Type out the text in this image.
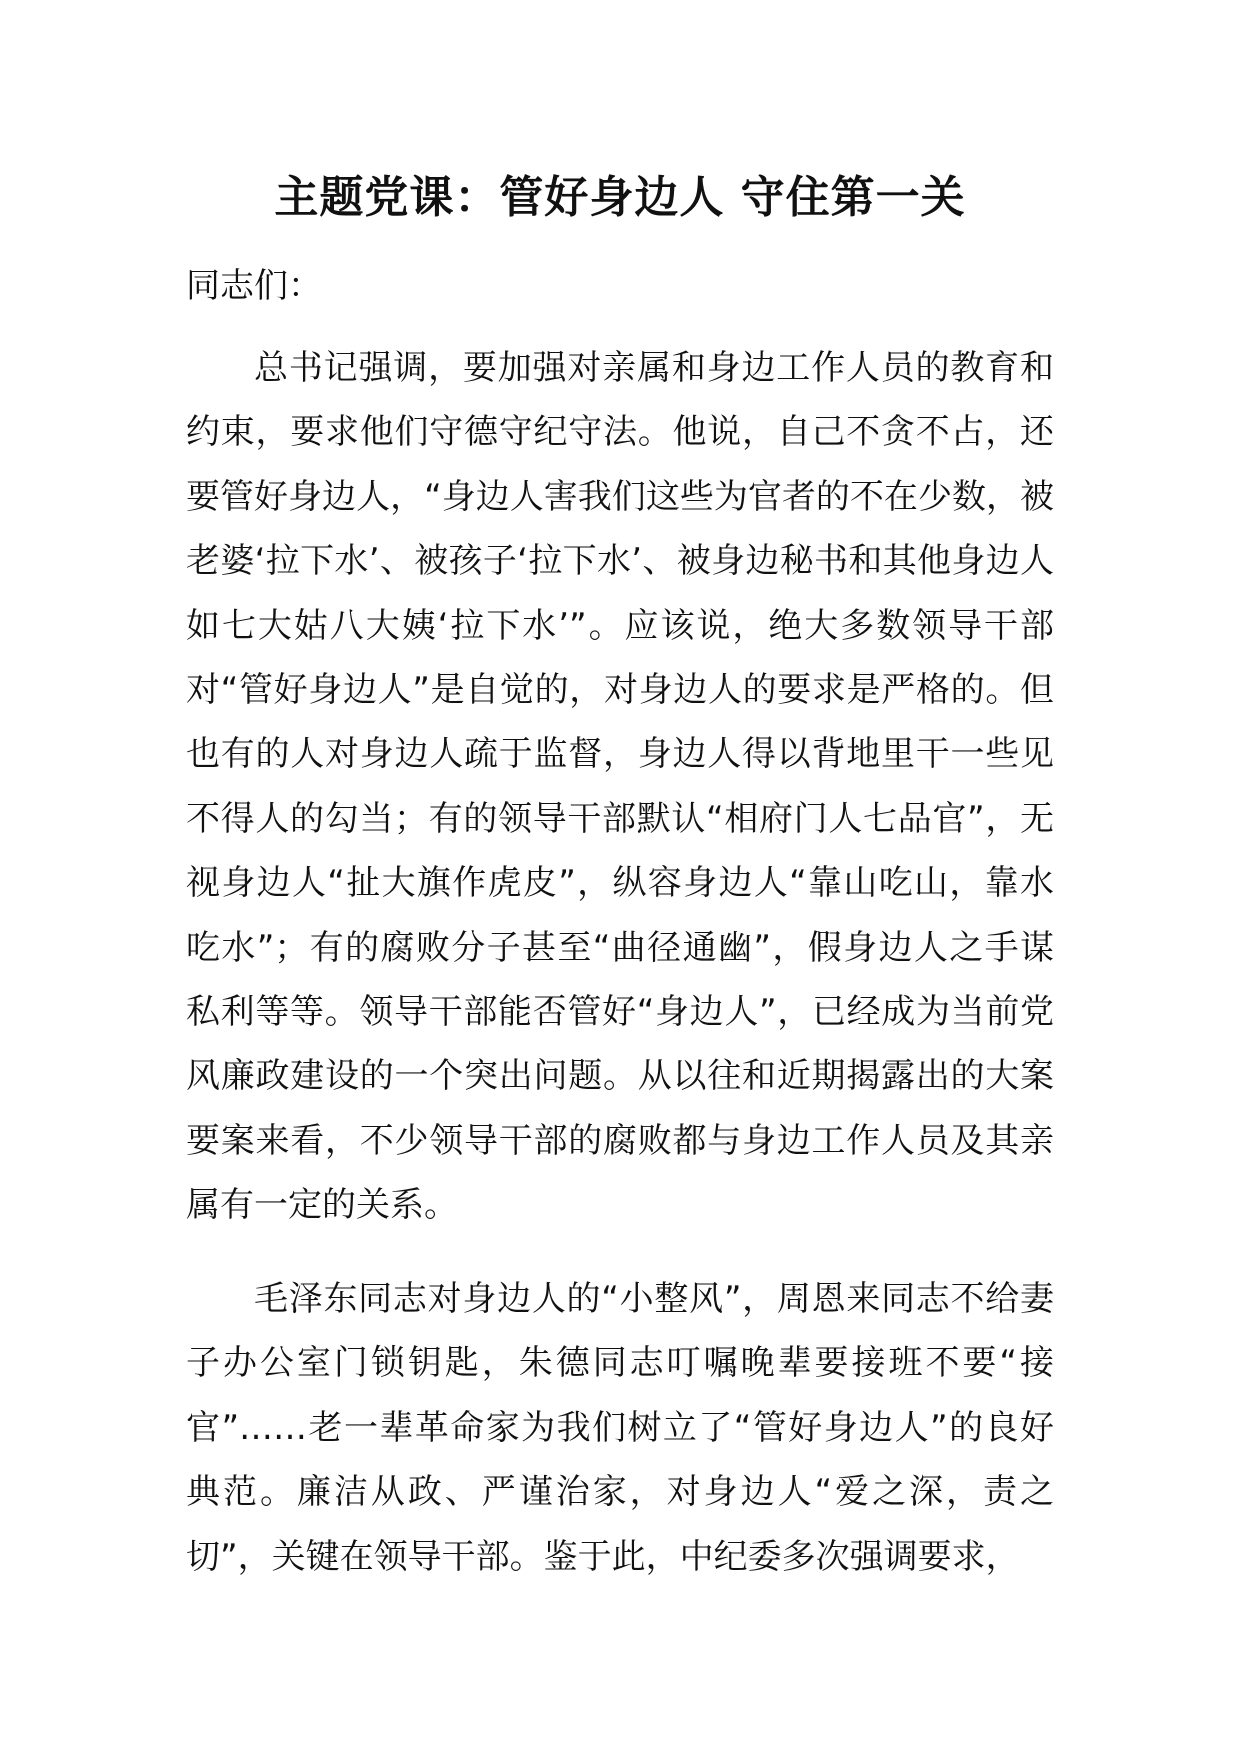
主题党课：管好身边人 守住第一关

同志们：

总书记强调，要加强对亲属和身边工作人员的教育和约束，要求他们守德守纪守法。他说，自己不贪不占，还要管好身边人，“身边人害我们这些为官者的不在少数，被老婆‘拉下水’、被孩子‘拉下水’、被身边秘书和其他身边人如七大姑八大姨‘拉下水’”。应该说，绝大多数领导干部对“管好身边人”是自觉的，对身边人的要求是严格的。但也有的人对身边人疏于监督，身边人得以背地里干一些见不得人的勾当；有的领导干部默认“相府门人七品官”，无视身边人“扯大旗作虎皮”，纵容身边人“靠山吃山，靠水吃水”；有的腐败分子甚至“曲径通幽”，假身边人之手谋私利等等。领导干部能否管好“身边人”，已经成为当前党风廉政建设的一个突出问题。从以往和近期揭露出的大案要案来看，不少领导干部的腐败都与身边工作人员及其亲属有一定的关系。

毛泽东同志对身边人的“小整风”，周恩来同志不给妻子办公室门锁钥匙，朱德同志叮嘱晚辈要接班不要“接官”……老一辈革命家为我们树立了“管好身边人”的良好典范。廉洁从政、严谨治家，对身边人“爱之深，责之切”，关键在领导干部。鉴于此，中纪委多次强调要求，
